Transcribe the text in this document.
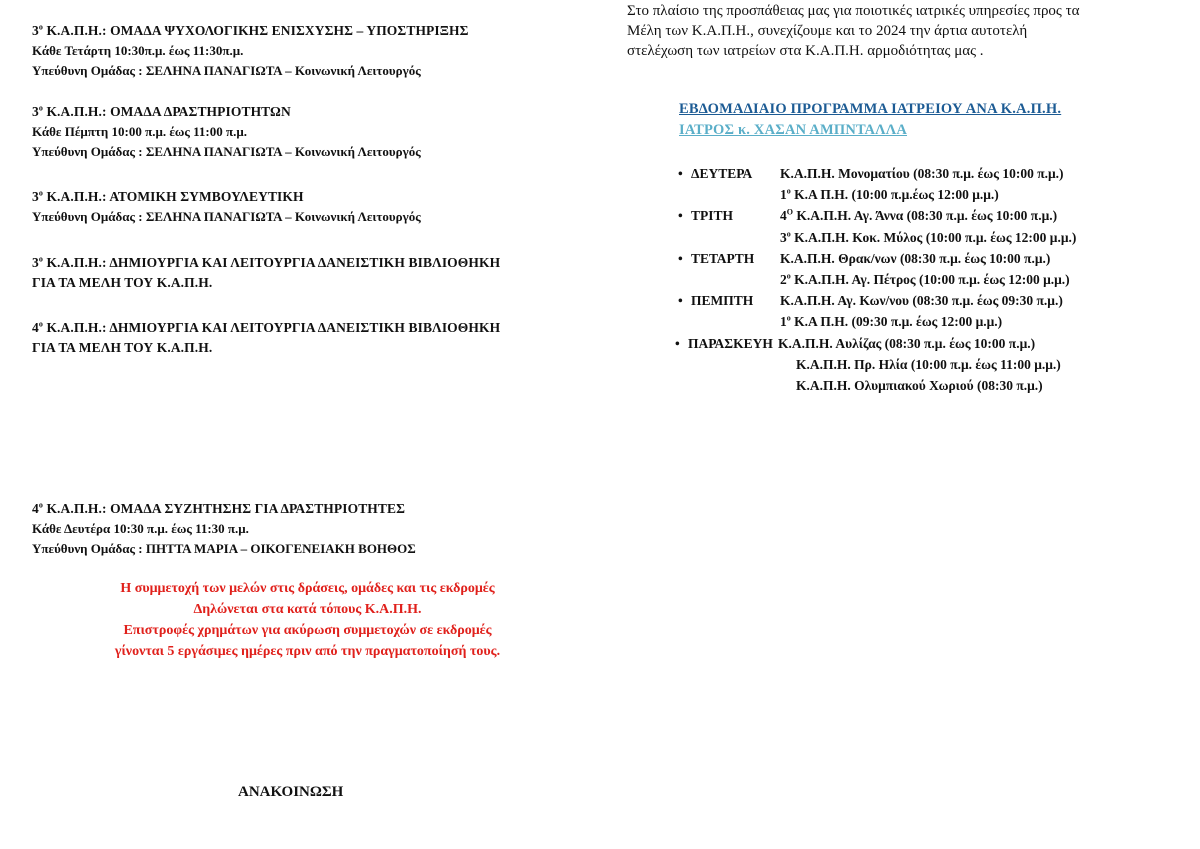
$3^o$ Κ.Α.Π.Η.: ΟΜΑΔΑ ΨΥΧΟΛΟΓΙΚΗΣ ΕΝΙΣΧΥΣΗΣ – ΥΠΟΣΤΗΡΙΞΗΣ
Κάθε Τετάρτη 10:30π.μ. έως 11:30π.μ.
Υπεύθυνη Ομάδας : ΣΕΛΗΝΑ ΠΑΝΑΓΙΩΤΑ – Κοινωνική Λειτουργός
$3^o$ Κ.Α.Π.Η.: ΟΜΑΔΑ ΔΡΑΣΤΗΡΙΟΤΗΤΩΝ
Κάθε Πέμπτη 10:00 π.μ. έως 11:00 π.μ.
Υπεύθυνη Ομάδας : ΣΕΛΗΝΑ ΠΑΝΑΓΙΩΤΑ – Κοινωνική Λειτουργός
$3^o$ Κ.Α.Π.Η.: ΑΤΟΜΙΚΗ ΣΥΜΒΟΥΛΕΥΤΙΚΗ
Υπεύθυνη Ομάδας : ΣΕΛΗΝΑ ΠΑΝΑΓΙΩΤΑ – Κοινωνική Λειτουργός
$3^o$ Κ.Α.Π.Η.: ΔΗΜΙΟΥΡΓΙΑ ΚΑΙ ΛΕΙΤΟΥΡΓΙΑ ΔΑΝΕΙΣΤΙΚΗ ΒΙΒΛΙΟΘΗΚΗ
ΓΙΑ ΤΑ ΜΕΛΗ ΤΟΥ Κ.Α.Π.Η.
$4^o$ Κ.Α.Π.Η.: ΔΗΜΙΟΥΡΓΙΑ ΚΑΙ ΛΕΙΤΟΥΡΓΙΑ ΔΑΝΕΙΣΤΙΚΗ ΒΙΒΛΙΟΘΗΚΗ
ΓΙΑ ΤΑ ΜΕΛΗ ΤΟΥ Κ.Α.Π.Η.
$4^o$ Κ.Α.Π.Η.: ΟΜΑΔΑ ΣΥΖΗΤΗΣΗΣ ΓΙΑ ΔΡΑΣΤΗΡΙΟΤΗΤΕΣ
Κάθε Δευτέρα 10:30 π.μ. έως 11:30 π.μ.
Υπεύθυνη Ομάδας : ΠΗΤΤΑ ΜΑΡΙΑ – ΟΙΚΟΓΕΝΕΙΑΚΗ ΒΟΗΘΟΣ
Η συμμετοχή των μελών στις δράσεις, ομάδες και τις εκδρομές
Δηλώνεται στα κατά τόπους Κ.Α.Π.Η.
Επιστροφές χρημάτων για ακύρωση συμμετοχών σε εκδρομές
γίνονται 5 εργάσιμες ημέρες πριν από την πραγματοποίησή τους.
ΑΝΑΚΟΙΝΩΣΗ
Στο πλαίσιο της προσπάθειας μας για ποιοτικές ιατρικές υπηρεσίες προς τα
Μέλη των Κ.Α.Π.Η., συνεχίζουμε και το 2024 την άρτια αυτοτελή
στελέχωση των ιατρείων στα Κ.Α.Π.Η. αρμοδιότητας μας .
ΕΒΔΟΜΑΔΙΑΙΟ ΠΡΟΓΡΑΜΜΑ ΙΑΤΡΕΙΟΥ ΑΝΑ Κ.Α.Π.Η.
ΙΑΤΡΟΣ κ. ΧΑΣΑΝ ΑΜΠΝΤΑΛΛΑ
• ΔΕΥΤΕΡΑ Κ.Α.Π.Η. Μονοματίου (08:30 π.μ. έως 10:00 π.μ.)
$1^o$ Κ.Α Π.Η. (10:00 π.μ.έως 12:00 μ.μ.)
• ΤΡΙΤΗ	$4^O$ Κ.Α.Π.Η. Αγ. Άννα (08:30 π.μ. έως 10:00 π.μ.)
$3^o$ Κ.Α.Π.Η. Κοκ. Μύλος (10:00 π.μ. έως 12:00 μ.μ.)
• ΤΕΤΑΡΤΗ Κ.Α.Π.Η. Θρακ/νων (08:30 π.μ. έως 10:00 π.μ.)
$2^o$ Κ.Α.Π.Η. Αγ. Πέτρος (10:00 π.μ. έως 12:00 μ.μ.)
• ΠΕΜΠΤΗ Κ.Α.Π.Η. Αγ. Κων/νου (08:30 π.μ. έως 09:30 π.μ.)
$1^o$ Κ.Α Π.Η. (09:30 π.μ. έως 12:00 μ.μ.)
• ΠΑΡΑΣΚΕΥΗ Κ.Α.Π.Η. Αυλίζας (08:30 π.μ. έως 10:00 π.μ.)
Κ.Α.Π.Η. Πρ. Ηλία (10:00 π.μ. έως 11:00 μ.μ.)
Κ.Α.Π.Η. Ολυμπιακού Χωριού (08:30 π.μ.)
